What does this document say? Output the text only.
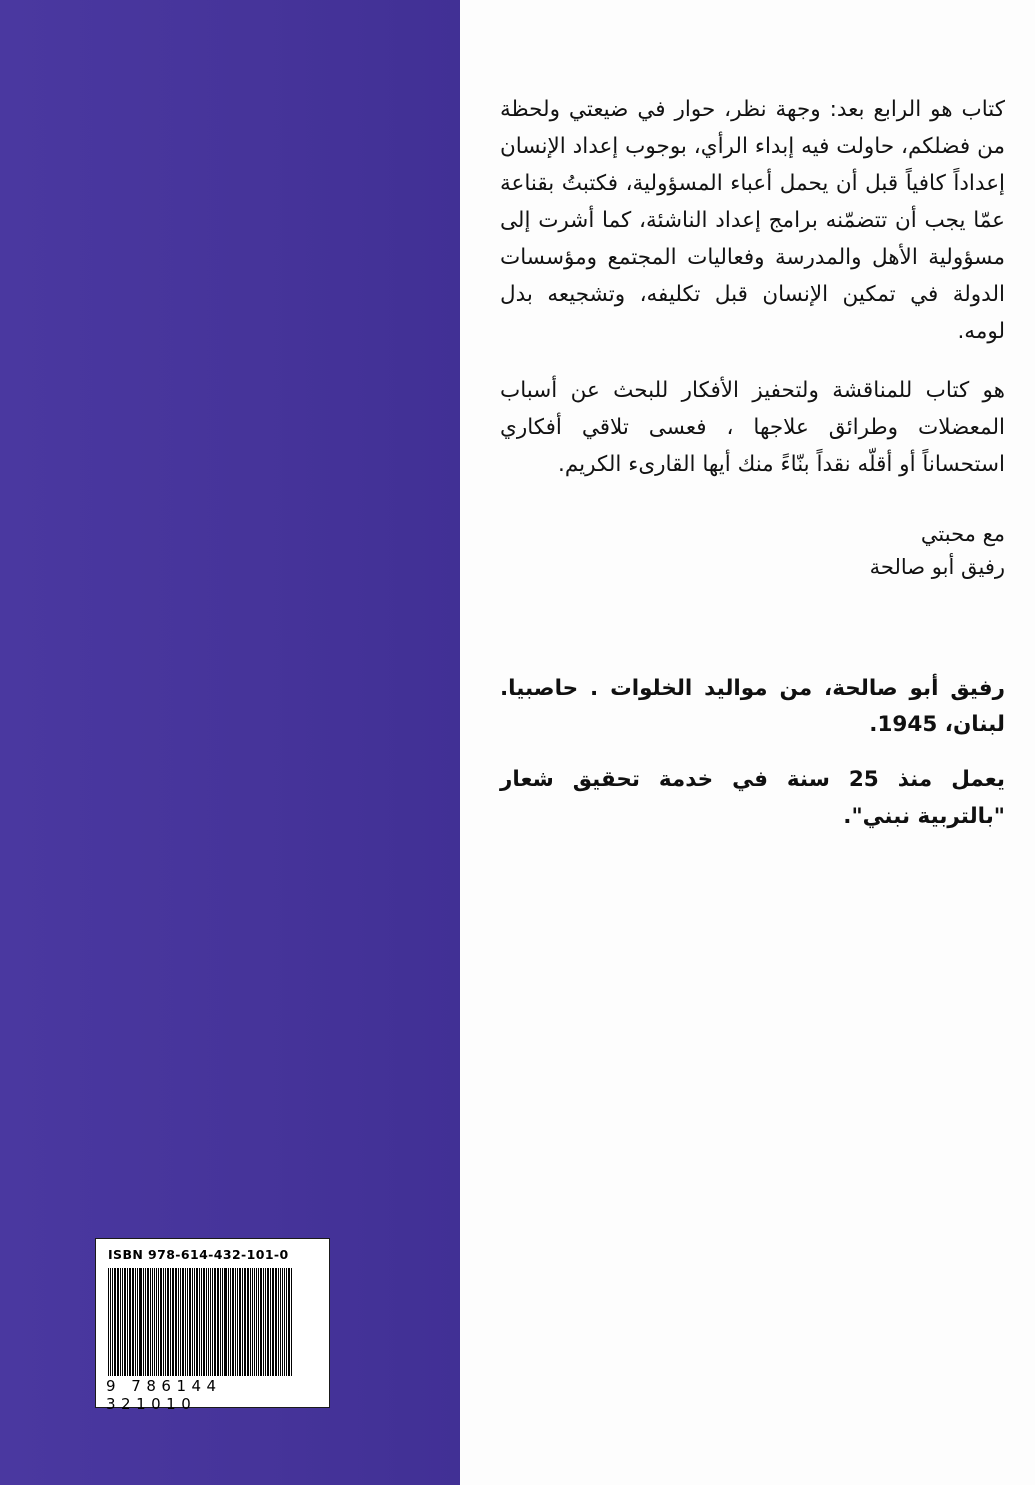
كتاب هو الرابع بعد: وجهة نظر، حوار في ضيعتي ولحظة من فضلكم، حاولت فيه إبداء الرأي، بوجوب إعداد الإنسان إعداداً كافياً قبل أن يحمل أعباء المسؤولية، فكتبتُ بقناعة عمّا يجب أن تتضمّنه برامج إعداد الناشئة، كما أشرت إلى مسؤولية الأهل والمدرسة وفعاليات المجتمع ومؤسسات الدولة في تمكين الإنسان قبل تكليفه، وتشجيعه بدل لومه.

هو كتاب للمناقشة ولتحفيز الأفكار للبحث عن أسباب المعضلات وطرائق علاجها ، فعسى تلاقي أفكاري استحساناً أو أقلّه نقداً بنّاءً منك أيها القارىء الكريم.

مع محبتي

رفيق أبو صالحة

رفيق أبو صالحة، من مواليد الخلوات . حاصبيا. لبنان، 1945.

يعمل منذ 25 سنة في خدمة تحقيق شعار "بالتربية نبني".

ISBN 978-614-432-101-0
9 786144 321010
